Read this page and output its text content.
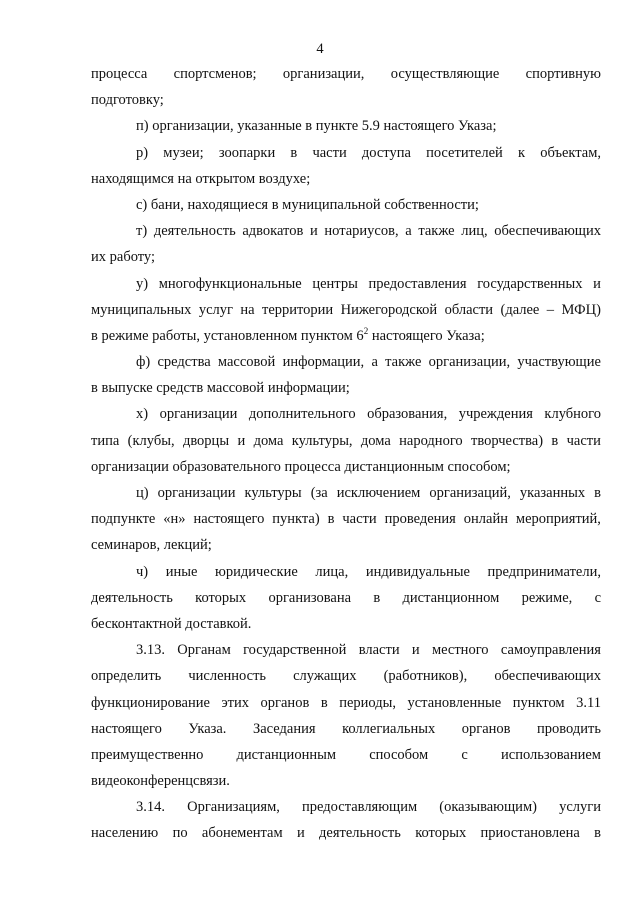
4
процесса спортсменов; организации, осуществляющие спортивную
подготовку;
п) организации, указанные в пункте 5.9 настоящего Указа;
р) музеи; зоопарки в части доступа посетителей к объектам,
находящимся на открытом воздухе;
с) бани, находящиеся в муниципальной собственности;
т) деятельность адвокатов и нотариусов, а также лиц, обеспечивающих
их работу;
у) многофункциональные центры предоставления государственных и
муниципальных услуг на территории Нижегородской области (далее – МФЦ)
в режиме работы, установленном пунктом $6^2$ настоящего Указа;
ф) средства массовой информации, а также организации, участвующие
в выпуске средств массовой информации;
х) организации дополнительного образования, учреждения клубного
типа (клубы, дворцы и дома культуры, дома народного творчества) в части
организации образовательного процесса дистанционным способом;
ц) организации культуры (за исключением организаций, указанных в
подпункте «н» настоящего пункта) в части проведения онлайн мероприятий,
семинаров, лекций;
ч) иные юридические лица, индивидуальные предприниматели,
деятельность которых организована в дистанционном режиме, с
бесконтактной доставкой.
3.13. Органам государственной власти и местного самоуправления
определить численность служащих (работников), обеспечивающих
функционирование этих органов в периоды, установленные пунктом 3.11
настоящего Указа. Заседания коллегиальных органов проводить
преимущественно дистанционным способом с использованием
видеоконференцсвязи.
3.14. Организациям, предоставляющим (оказывающим) услуги
населению по абонементам и деятельность которых приостановлена в
